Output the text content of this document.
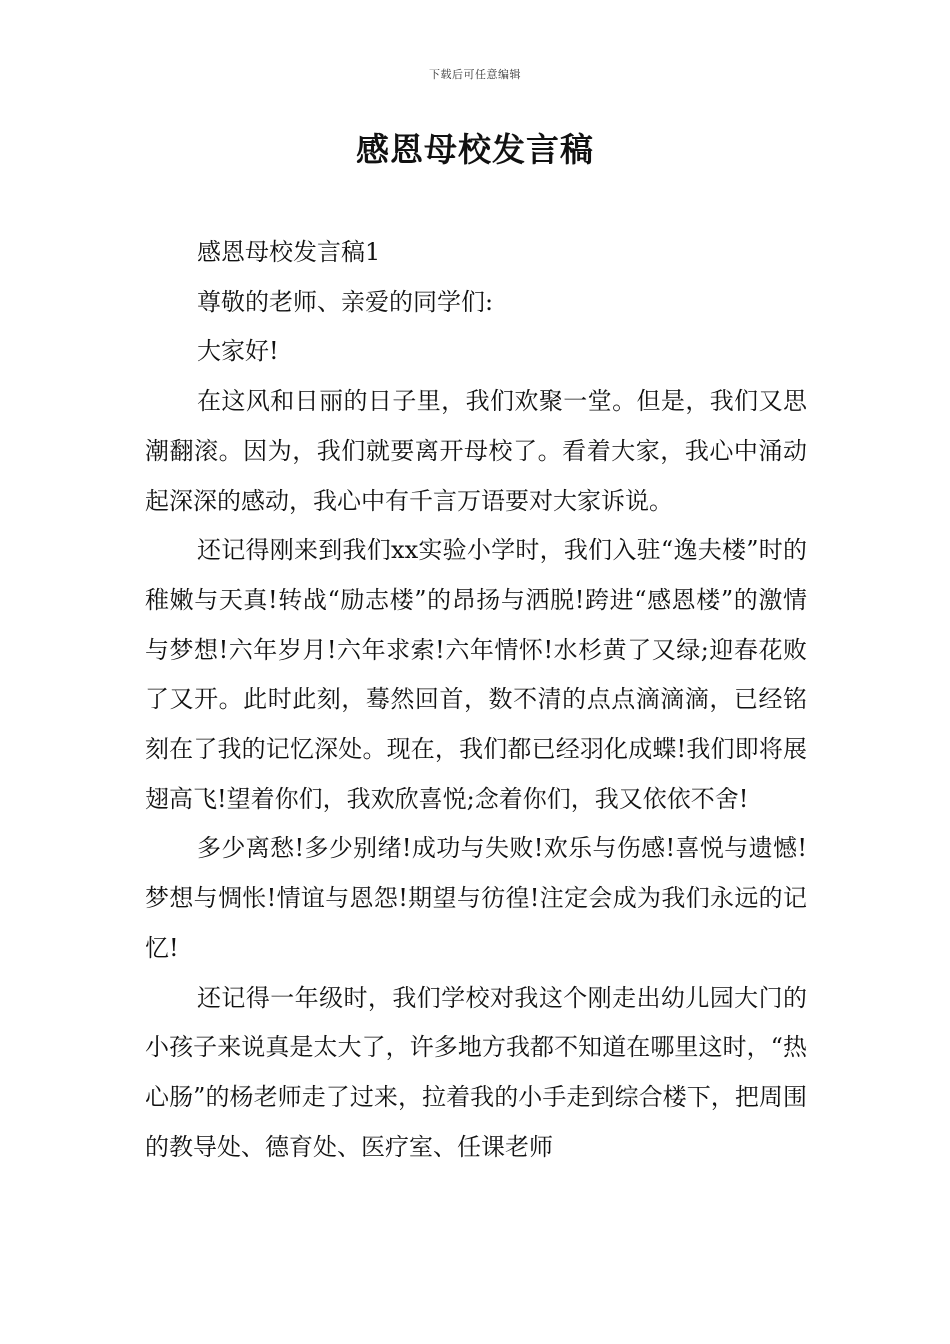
下载后可任意编辑
感恩母校发言稿

感恩母校发言稿1

尊敬的老师、亲爱的同学们:

大家好!

在这风和日丽的日子里，我们欢聚一堂。但是，我们又思潮翻滚。因为，我们就要离开母校了。看着大家，我心中涌动起深深的感动，我心中有千言万语要对大家诉说。

还记得刚来到我们xx实验小学时，我们入驻“逸夫楼”时的稚嫩与天真!转战“励志楼”的昂扬与洒脱!跨进“感恩楼”的激情与梦想!六年岁月!六年求索!六年情怀!水杉黄了又绿;迎春花败了又开。此时此刻，蓦然回首，数不清的点点滴滴滴，已经铭刻在了我的记忆深处。现在，我们都已经羽化成蝶!我们即将展翅高飞!望着你们，我欢欣喜悦;念着你们，我又依依不舍!

多少离愁!多少别绪!成功与失败!欢乐与伤感!喜悦与遗憾!梦想与惆怅!情谊与恩怨!期望与彷徨!注定会成为我们永远的记忆!

还记得一年级时，我们学校对我这个刚走出幼儿园大门的小孩子来说真是太大了，许多地方我都不知道在哪里这时，“热心肠”的杨老师走了过来，拉着我的小手走到综合楼下，把周围的教导处、德育处、医疗室、任课老师
